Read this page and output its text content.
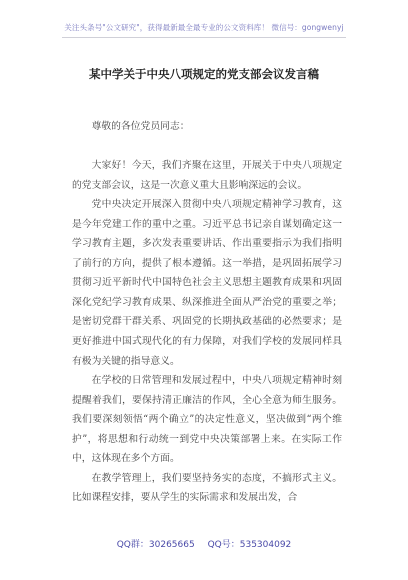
关注头条号"公文研究"，获得最新最全最专业的公文资料库！ 微信号：gongwenyj
某中学关于中央八项规定的党支部会议发言稿

尊敬的各位党员同志：

大家好！今天，我们齐聚在这里，开展关于中央八项规定的党支部会议，这是一次意义重大且影响深远的会议。

党中央决定开展深入贯彻中央八项规定精神学习教育，这是今年党建工作的重中之重。习近平总书记亲自谋划确定这一学习教育主题，多次发表重要讲话、作出重要指示为我们指明了前行的方向，提供了根本遵循。这一举措，是巩固拓展学习贯彻习近平新时代中国特色社会主义思想主题教育成果和巩固深化党纪学习教育成果、纵深推进全面从严治党的重要之举；是密切党群干群关系、巩固党的长期执政基础的必然要求；是更好推进中国式现代化的有力保障，对我们学校的发展同样具有极为关键的指导意义。

在学校的日常管理和发展过程中，中央八项规定精神时刻提醒着我们，要保持清正廉洁的作风，全心全意为师生服务。我们要深刻领悟“两个确立”的决定性意义，坚决做到“两个维护”，将思想和行动统一到党中央决策部署上来。在实际工作中，这体现在多个方面。

在教学管理上，我们要坚持务实的态度，不搞形式主义。比如课程安排，要从学生的实际需求和发展出发，合

QQ群：30265665 QQ号：535304092
